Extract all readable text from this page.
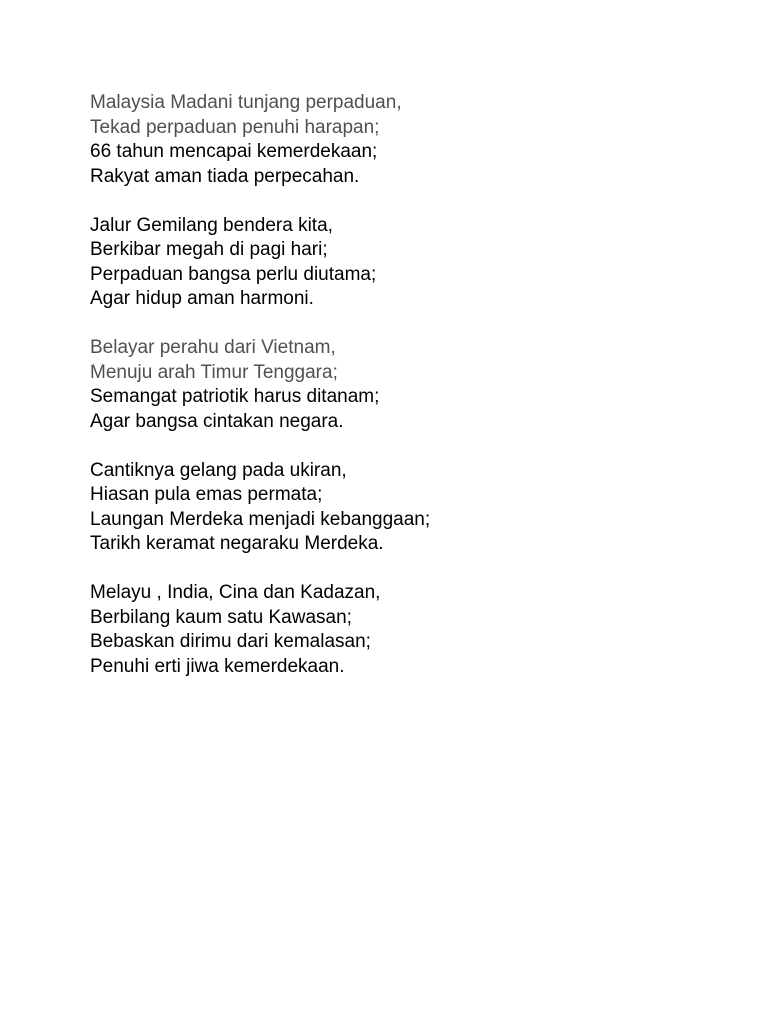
Malaysia Madani tunjang perpaduan,
Tekad perpaduan penuhi harapan;
66 tahun mencapai kemerdekaan;
Rakyat aman tiada perpecahan.
Jalur Gemilang bendera kita,
Berkibar megah di pagi hari;
Perpaduan bangsa perlu diutama;
Agar hidup aman harmoni.
Belayar perahu dari Vietnam,
Menuju arah Timur Tenggara;
Semangat patriotik harus ditanam;
Agar bangsa cintakan negara.
Cantiknya gelang pada ukiran,
Hiasan pula emas permata;
Laungan Merdeka menjadi kebanggaan;
Tarikh keramat negaraku Merdeka.
Melayu , India, Cina dan Kadazan,
Berbilang kaum satu Kawasan;
Bebaskan dirimu dari kemalasan;
Penuhi erti jiwa kemerdekaan.
